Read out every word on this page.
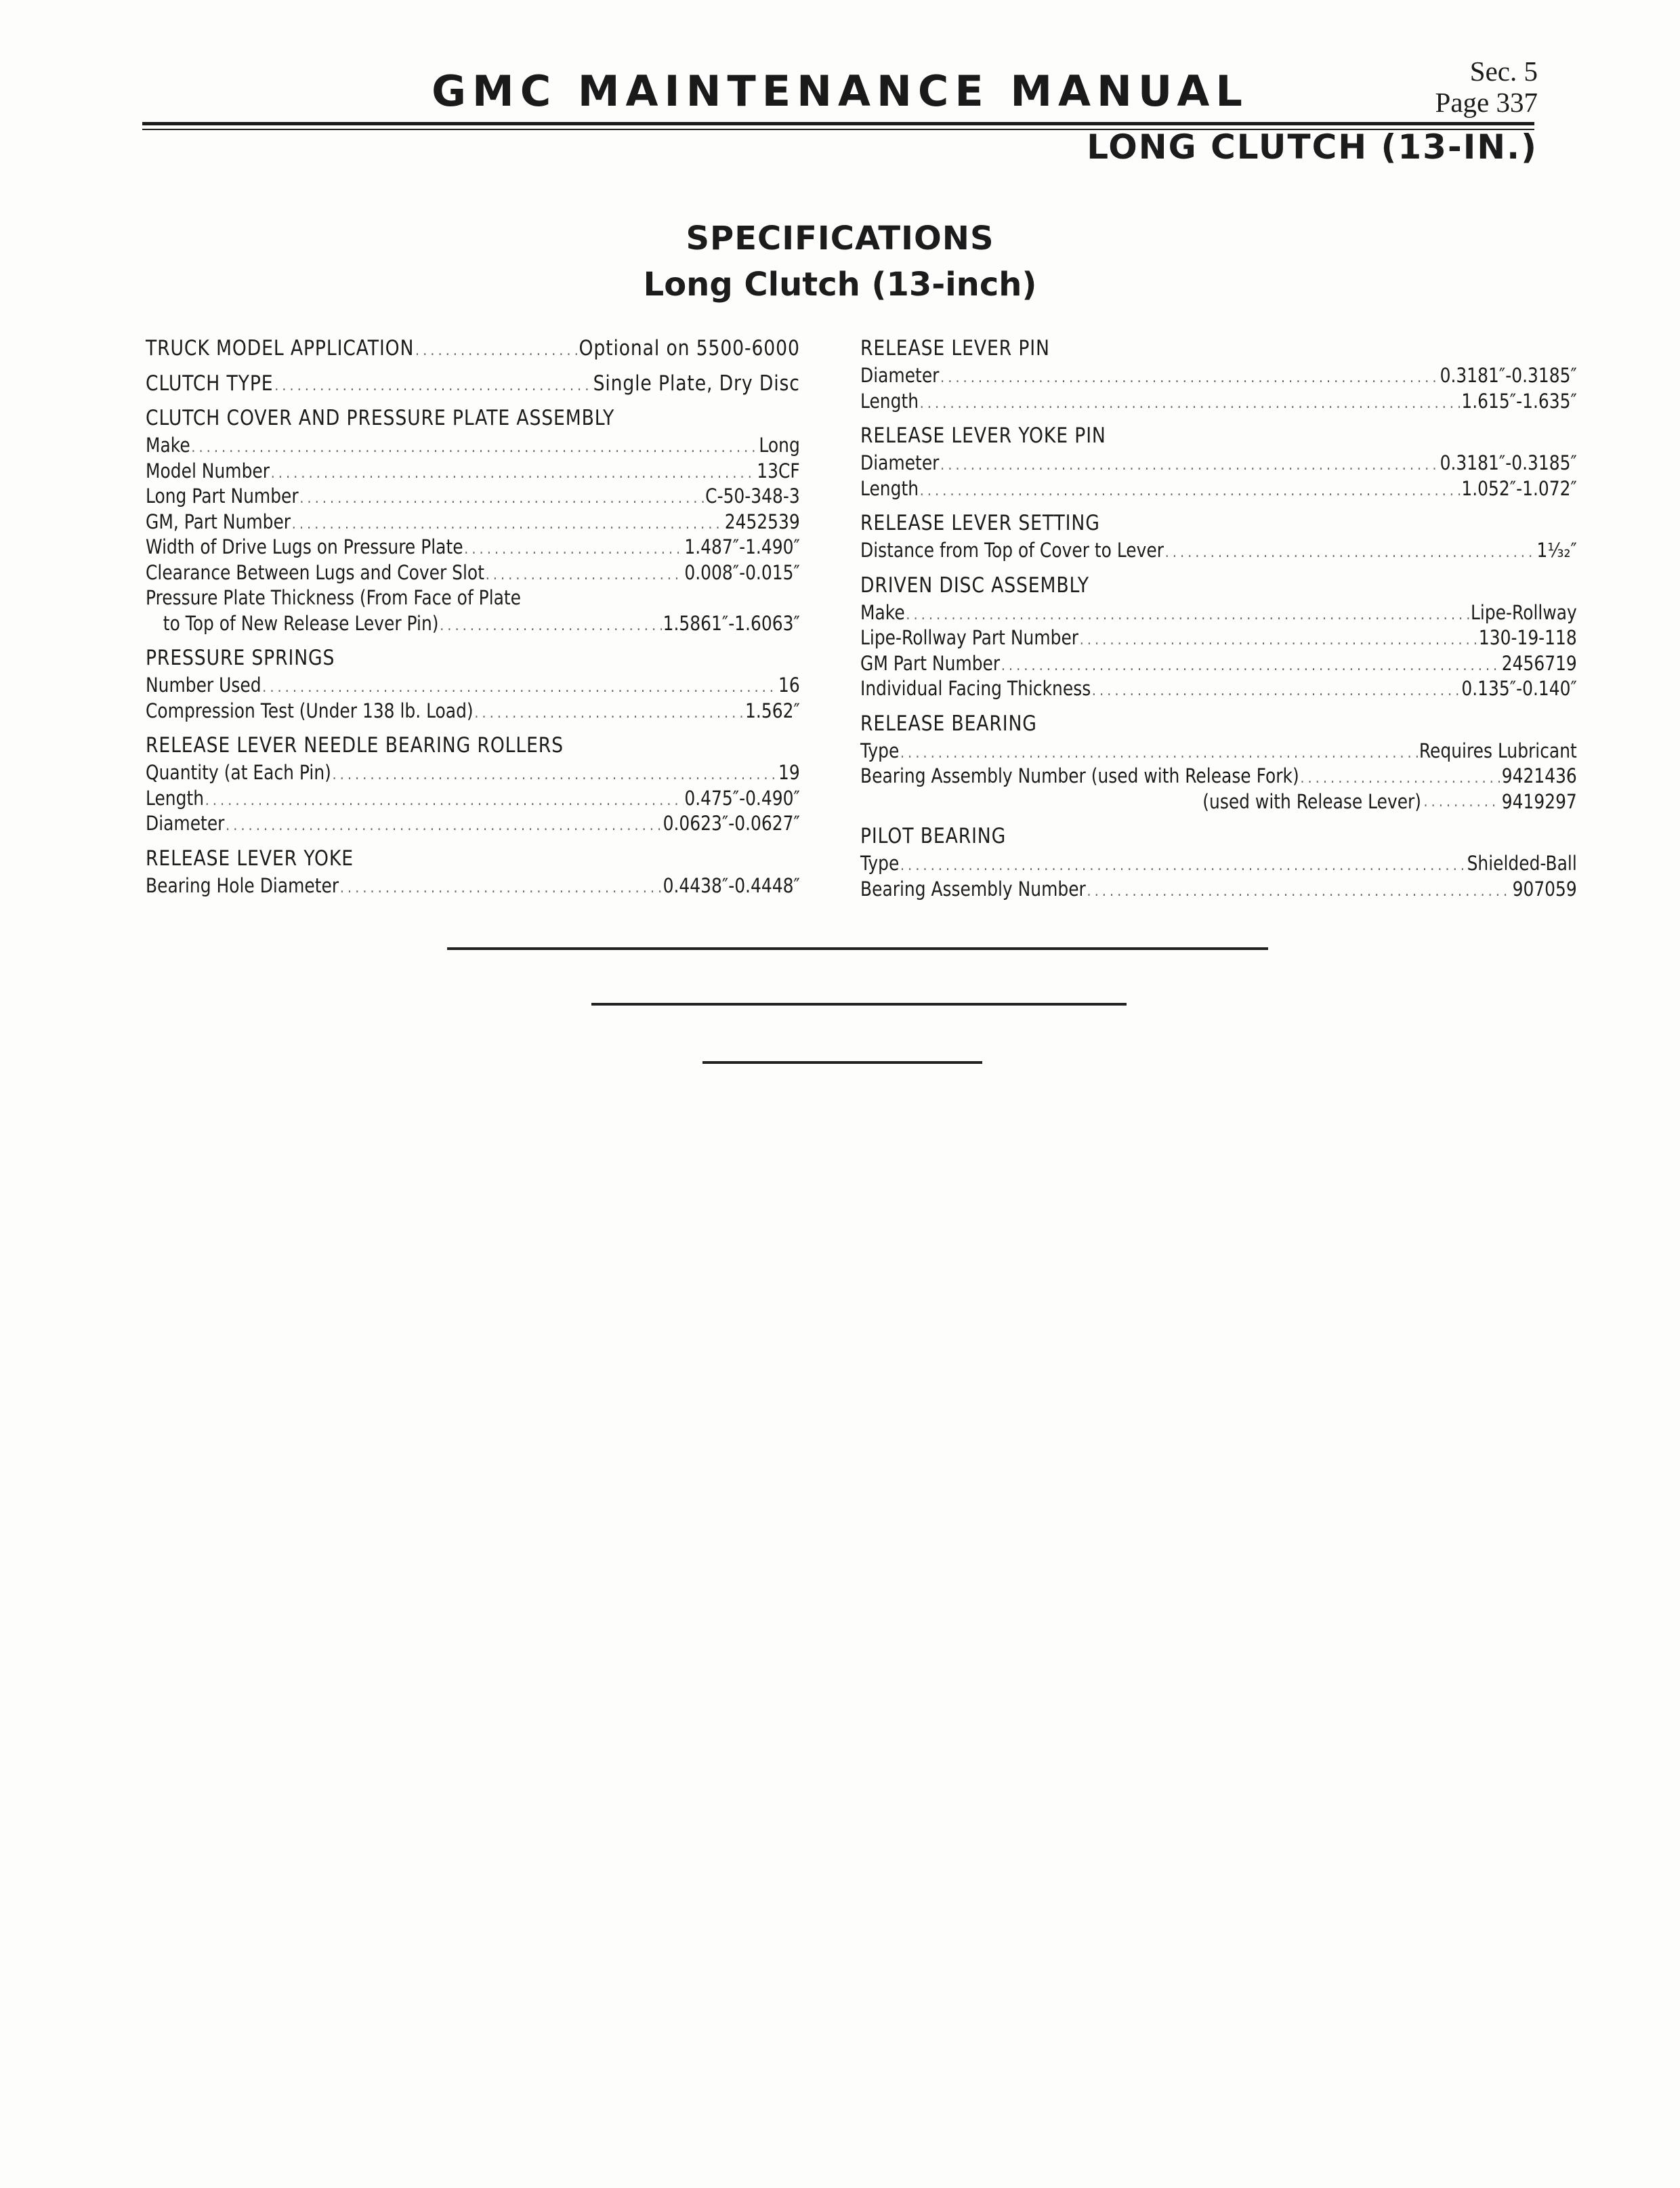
GMC MAINTENANCE MANUAL	Sec. 5
Page 337
LONG CLUTCH (13-IN.)
SPECIFICATIONS
Long Clutch (13-inch)
TRUCK MODEL APPLICATION .....	Optional on 5500-6000
CLUTCH TYPE .....	Single Plate, Dry Disc
CLUTCH COVER AND PRESSURE PLATE ASSEMBLY
Make .....	Long
Model Number .....	13CF
Long Part Number .....	C-50-348-3
GM, Part Number .....	2452539
Width of Drive Lugs on Pressure Plate .....	1.487″-1.490″
Clearance Between Lugs and Cover Slot .....	0.008″-0.015″
Pressure Plate Thickness (From Face of Plate
to Top of New Release Lever Pin) .....	1.5861″-1.6063″
PRESSURE SPRINGS
Number Used .....	16
Compression Test (Under 138 lb. Load) .....	1.562″
RELEASE LEVER NEEDLE BEARING ROLLERS
Quantity (at Each Pin) .....	19
Length .....	0.475″-0.490″
Diameter .....	0.0623″-0.0627″
RELEASE LEVER YOKE
Bearing Hole Diameter .....	0.4438″-0.4448″
RELEASE LEVER PIN
Diameter .....	0.3181″-0.3185″
Length .....	1.615″-1.635″
RELEASE LEVER YOKE PIN
Diameter .....	0.3181″-0.3185″
Length .....	1.052″-1.072″
RELEASE LEVER SETTING
Distance from Top of Cover to Lever .....	1¹⁄₃₂″
DRIVEN DISC ASSEMBLY
Make .....	Lipe-Rollway
Lipe-Rollway Part Number .....	130-19-118
GM Part Number .....	2456719
Individual Facing Thickness .....	0.135″-0.140″
RELEASE BEARING
Type .....	Requires Lubricant
Bearing Assembly Number (used with Release Fork) .....	9421436
(used with Release Lever) .....	9419297
PILOT BEARING
Type .....	Shielded-Ball
Bearing Assembly Number .....	907059
